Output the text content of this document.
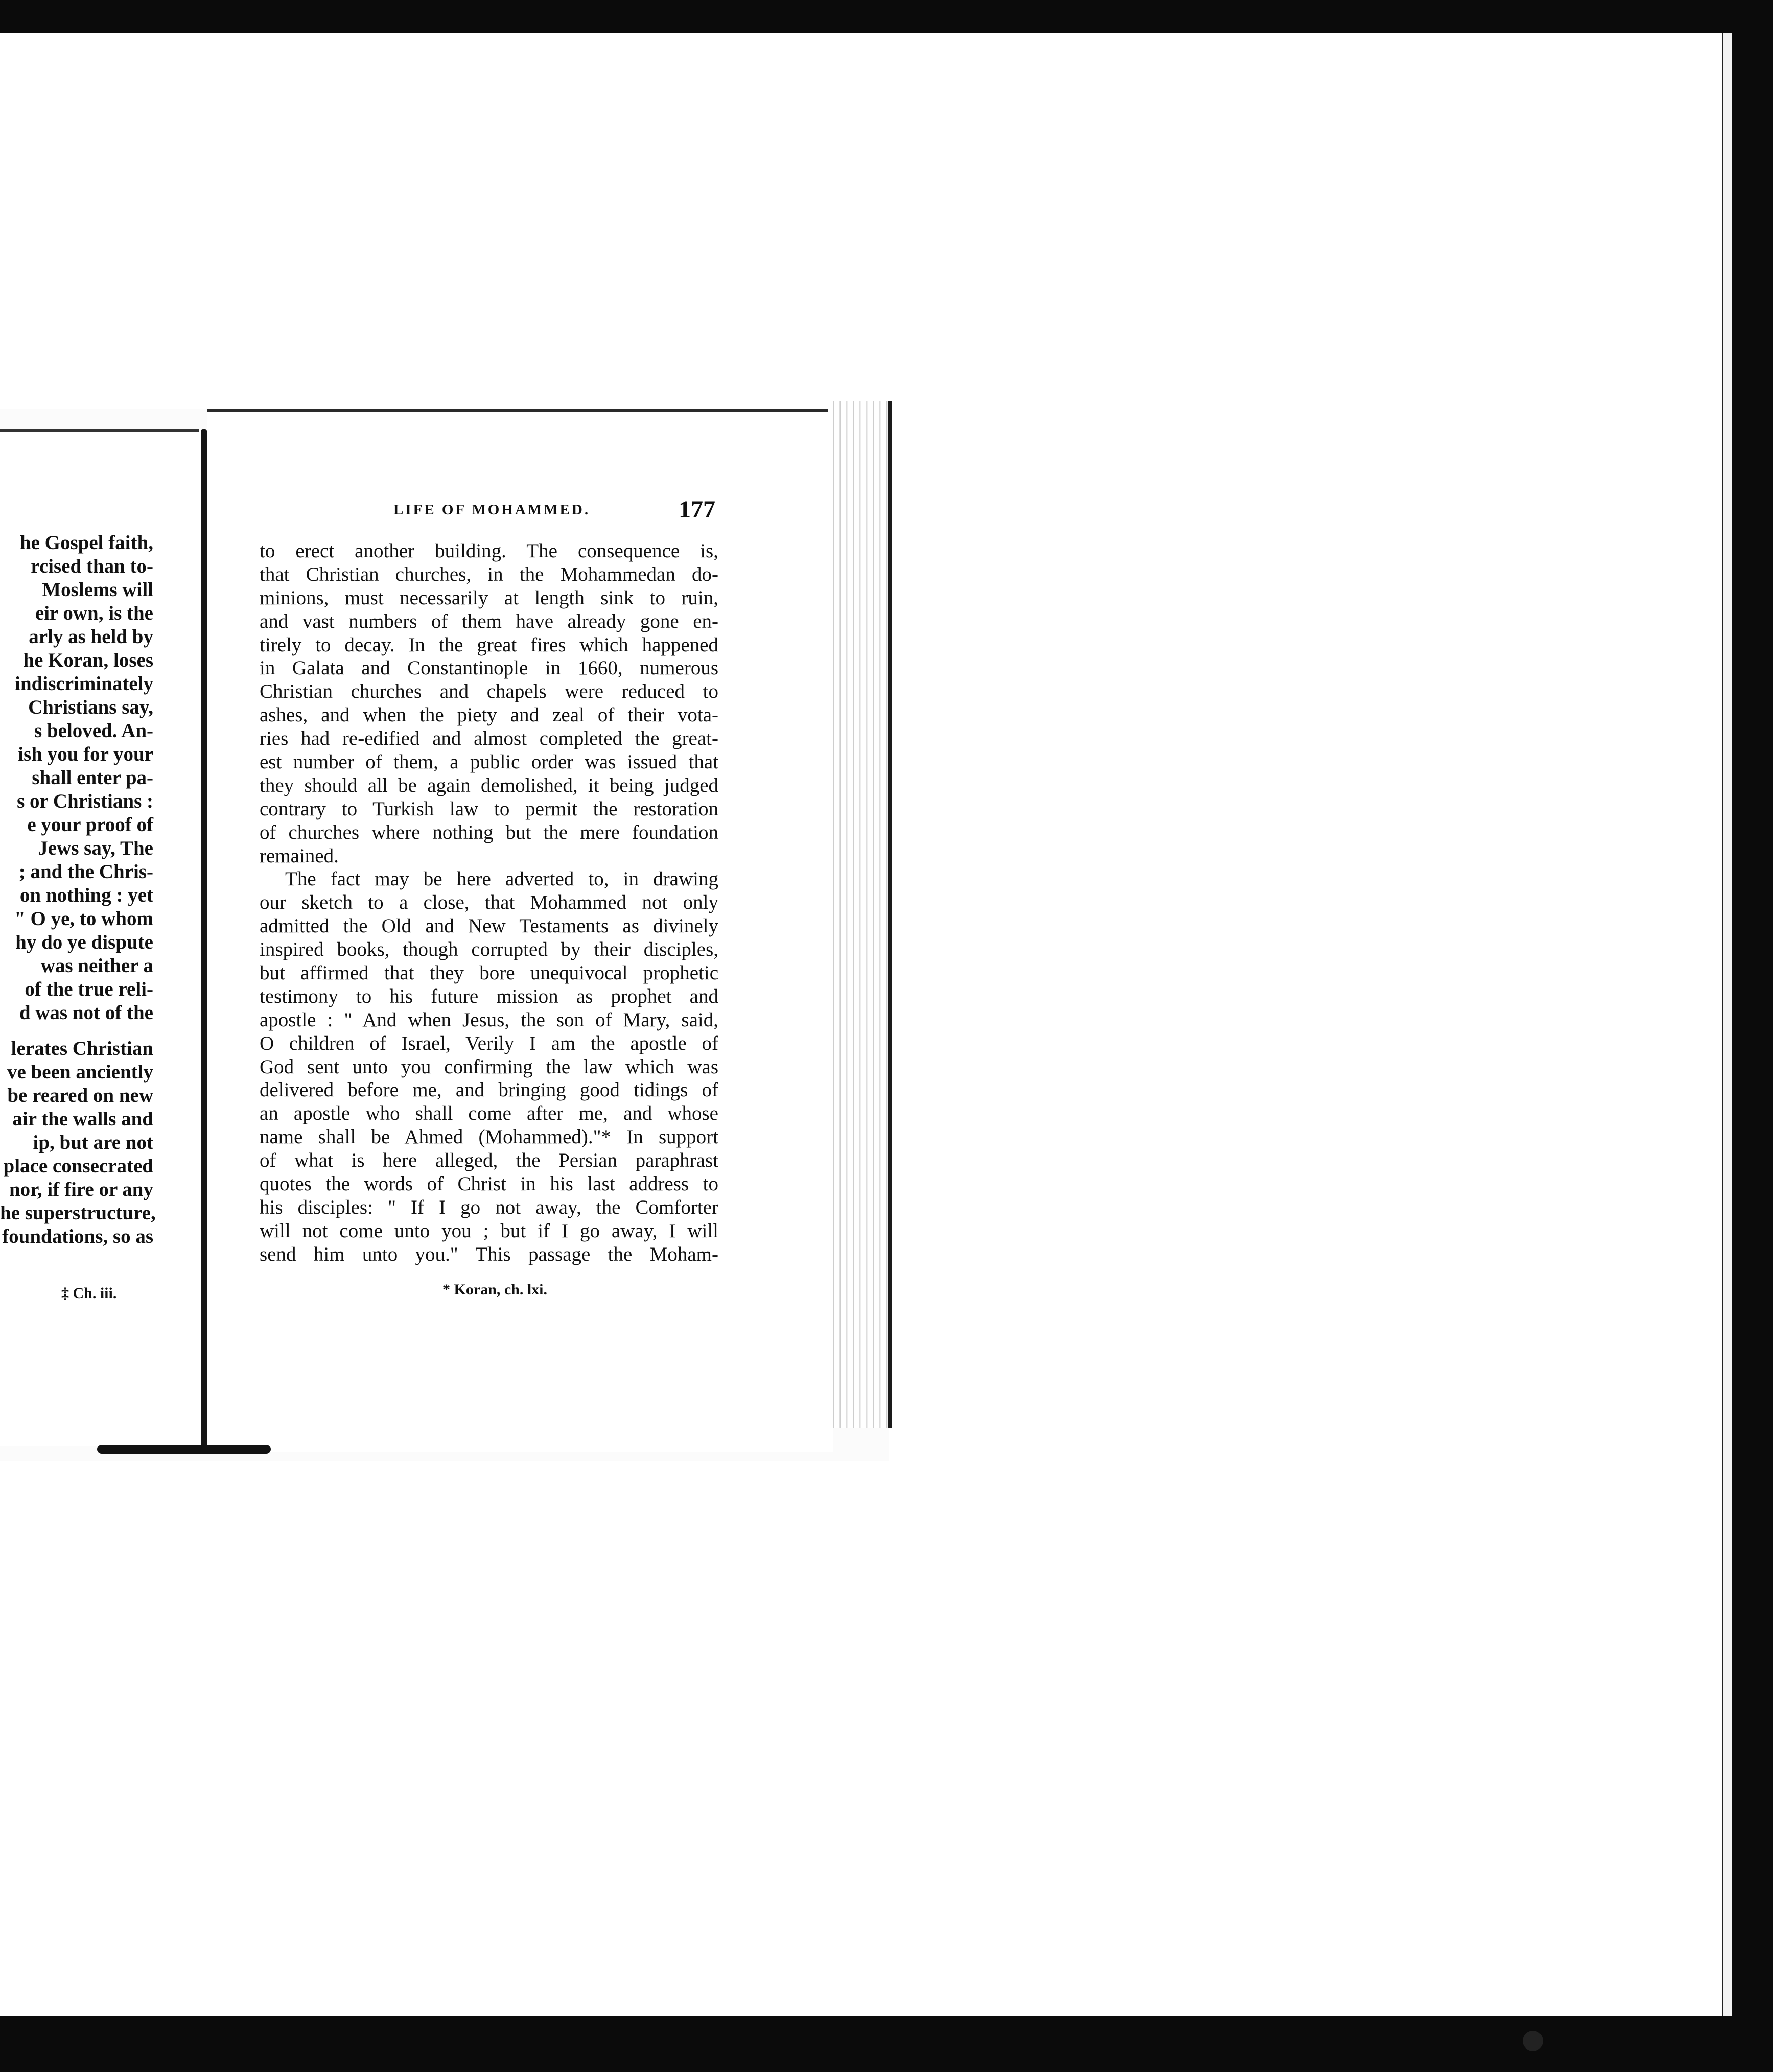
he Gospel faith,
rcised than to-
Moslems will
eir own, is the
arly as held by
he Koran, loses
indiscriminately
Christians say,
s beloved. An-
ish you for your
shall enter pa-
s or Christians :
e your proof of
Jews say, The
; and the Chris-
on nothing : yet
" O ye, to whom
hy do ye dispute
was neither a
of the true reli-
d was not of the
lerates Christian
ve been anciently
be reared on new
air the walls and
ip, but are not
place consecrated
nor, if fire or any
he superstructure,
foundations, so as
‡ Ch. iii.
LIFE OF MOHAMMED.	177
to erect another building. The consequence is,
that Christian churches, in the Mohammedan do-
minions, must necessarily at length sink to ruin,
and vast numbers of them have already gone en-
tirely to decay. In the great fires which happened
in Galata and Constantinople in 1660, numerous
Christian churches and chapels were reduced to
ashes, and when the piety and zeal of their vota-
ries had re-edified and almost completed the great-
est number of them, a public order was issued that
they should all be again demolished, it being judged
contrary to Turkish law to permit the restoration
of churches where nothing but the mere foundation
remained.
The fact may be here adverted to, in drawing
our sketch to a close, that Mohammed not only
admitted the Old and New Testaments as divinely
inspired books, though corrupted by their disciples,
but affirmed that they bore unequivocal prophetic
testimony to his future mission as prophet and
apostle : " And when Jesus, the son of Mary, said,
O children of Israel, Verily I am the apostle of
God sent unto you confirming the law which was
delivered before me, and bringing good tidings of
an apostle who shall come after me, and whose
name shall be Ahmed (Mohammed)."* In support
of what is here alleged, the Persian paraphrast
quotes the words of Christ in his last address to
his disciples: " If I go not away, the Comforter
will not come unto you ; but if I go away, I will
send him unto you." This passage the Moham-
* Koran, ch. lxi.
